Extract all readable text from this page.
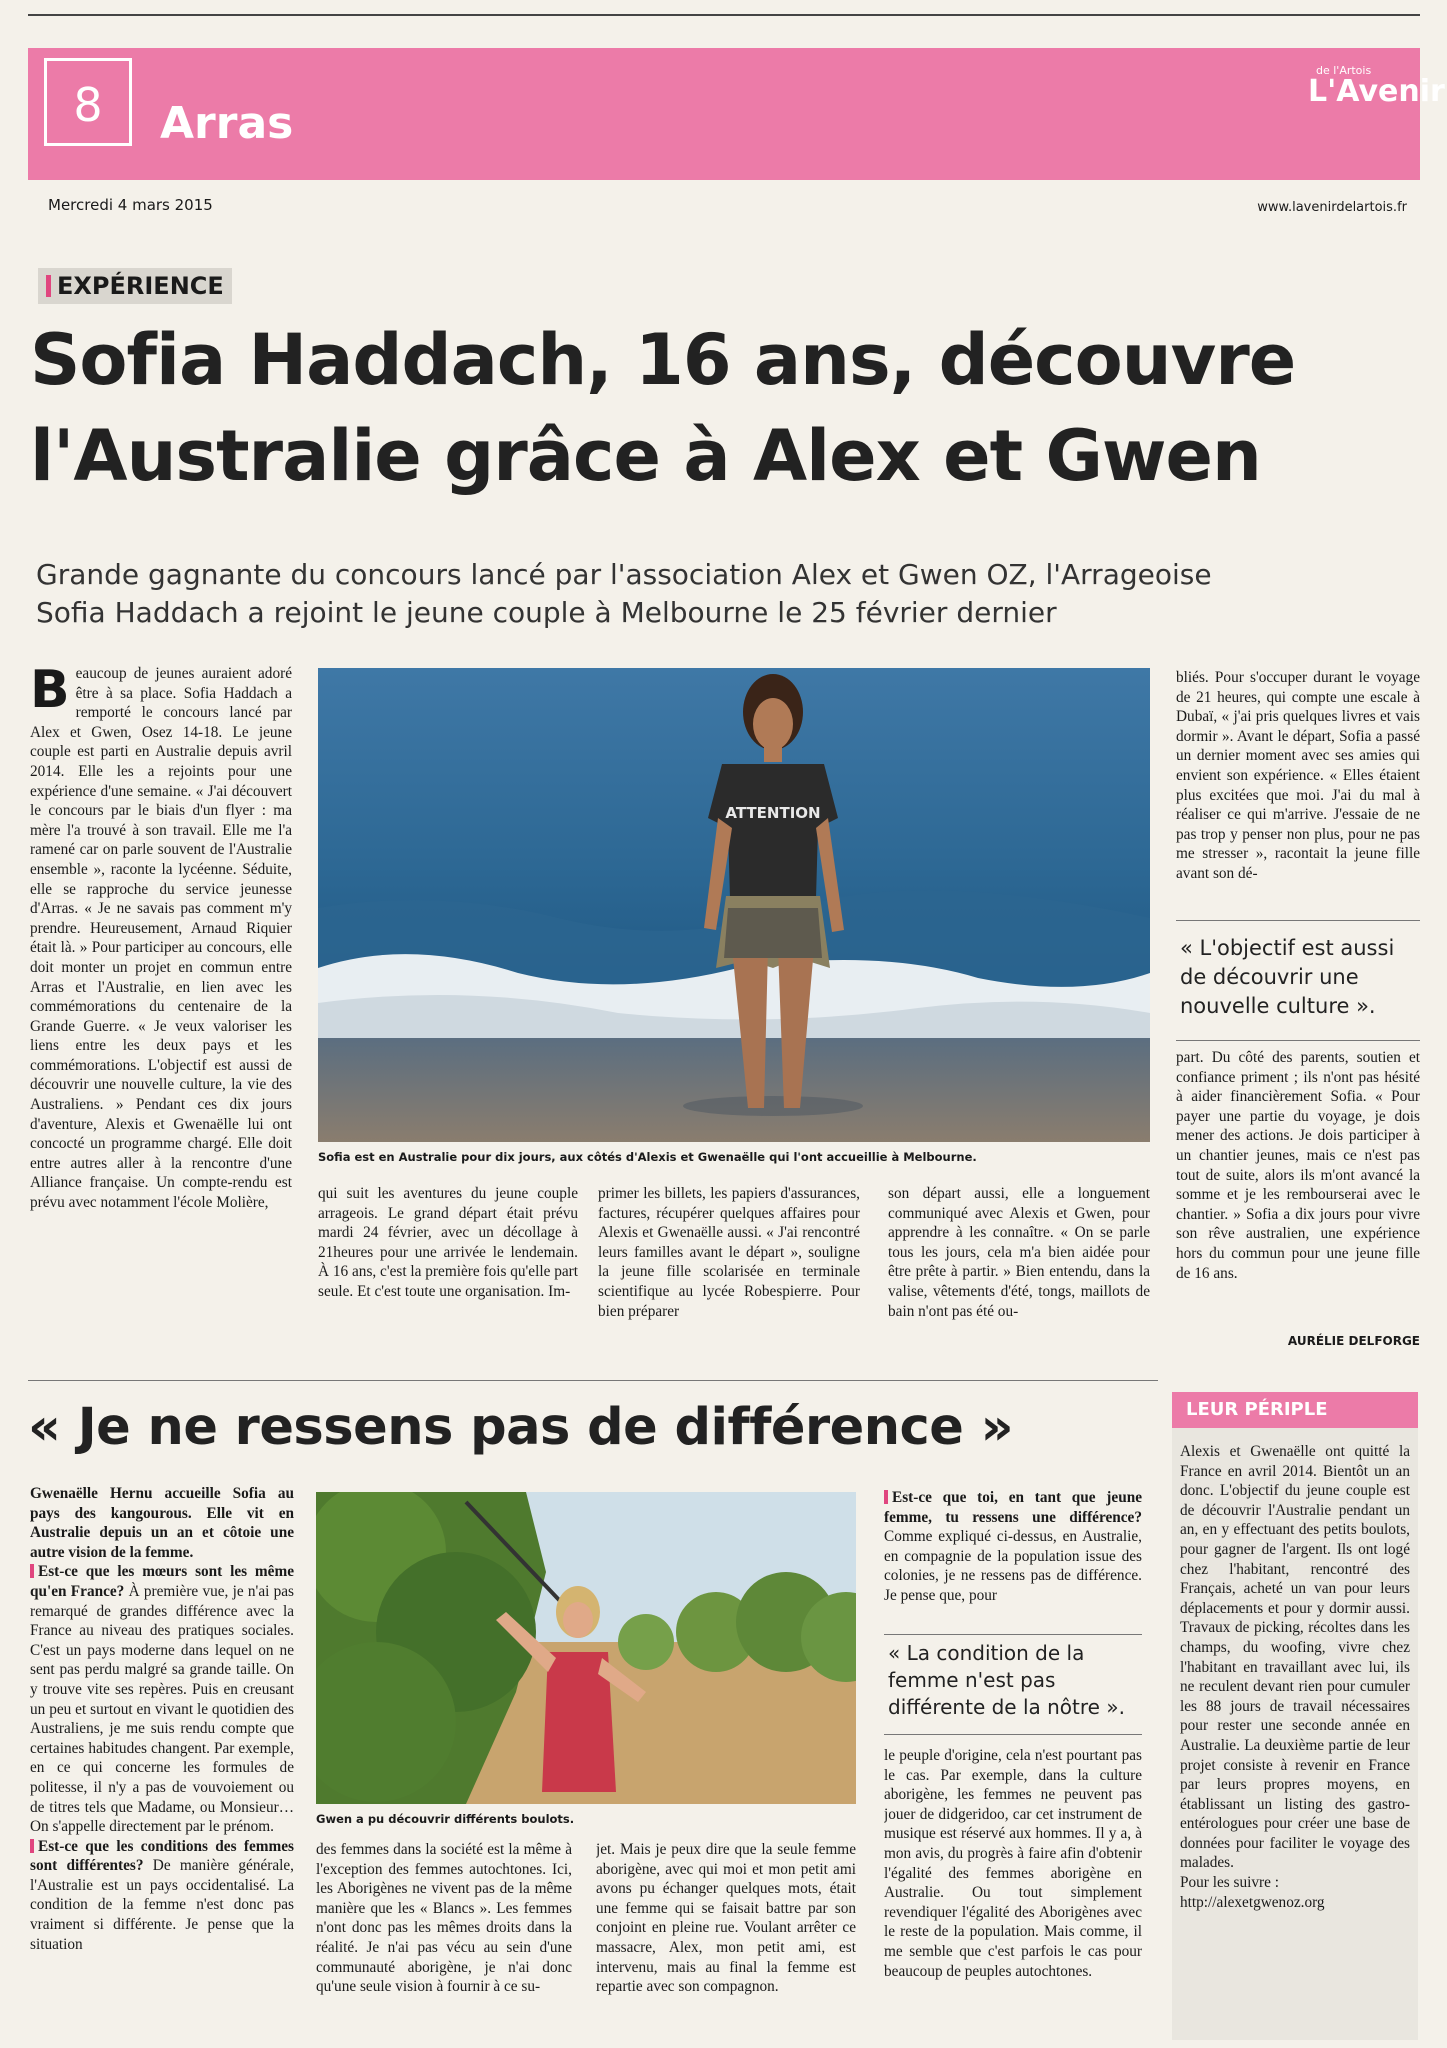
8	Arras
de l'Artois
L'Avenir
Mercredi 4 mars 2015	www.lavenirdelartois.fr
EXPÉRIENCE
Sofia Haddach, 16 ans, découvre
l'Australie grâce à Alex et Gwen
Grande gagnante du concours lancé par l'association Alex et Gwen OZ, l'Arrageoise
Sofia Haddach a rejoint le jeune couple à Melbourne le 25 février dernier

Beaucoup de jeunes auraient adoré être à sa place. Sofia Haddach a remporté le concours lancé par Alex et Gwen, Osez 14-18. Le jeune couple est parti en Australie depuis avril 2014. Elle les a rejoints pour une expérience d'une semaine. « J'ai découvert le concours par le biais d'un flyer : ma mère l'a trouvé à son travail. Elle me l'a ramené car on parle souvent de l'Australie ensemble », raconte la lycéenne. Séduite, elle se rapproche du service jeunesse d'Arras. « Je ne savais pas comment m'y prendre. Heureusement, Arnaud Riquier était là. » Pour participer au concours, elle doit monter un projet en commun entre Arras et l'Australie, en lien avec les commémorations du centenaire de la Grande Guerre. « Je veux valoriser les liens entre les deux pays et les commémorations. L'objectif est aussi de découvrir une nouvelle culture, la vie des Australiens. » Pendant ces dix jours d'aventure, Alexis et Gwenaëlle lui ont concocté un programme chargé. Elle doit entre autres aller à la rencontre d'une Alliance française. Un compte-rendu est prévu avec notamment l'école Molière,

ATTENTION
Sofia est en Australie pour dix jours, aux côtés d'Alexis et Gwenaëlle qui l'ont accueillie à Melbourne.

qui suit les aventures du jeune couple arrageois. Le grand départ était prévu mardi 24 février, avec un décollage à 21heures pour une arrivée le lendemain. À 16 ans, c'est la première fois qu'elle part seule. Et c'est toute une organisation. Im-

primer les billets, les papiers d'assurances, factures, récupérer quelques affaires pour Alexis et Gwenaëlle aussi. « J'ai rencontré leurs familles avant le départ », souligne la jeune fille scolarisée en terminale scientifique au lycée Robespierre. Pour bien préparer

son départ aussi, elle a longuement communiqué avec Alexis et Gwen, pour apprendre à les connaître. « On se parle tous les jours, cela m'a bien aidée pour être prête à partir. » Bien entendu, dans la valise, vêtements d'été, tongs, maillots de bain n'ont pas été ou-

bliés. Pour s'occuper durant le voyage de 21 heures, qui compte une escale à Dubaï, « j'ai pris quelques livres et vais dormir ». Avant le départ, Sofia a passé un dernier moment avec ses amies qui envient son expérience. « Elles étaient plus excitées que moi. J'ai du mal à réaliser ce qui m'arrive. J'essaie de ne pas trop y penser non plus, pour ne pas me stresser », racontait la jeune fille avant son dé-

« L'objectif est aussi de découvrir une nouvelle culture ».

part. Du côté des parents, soutien et confiance priment ; ils n'ont pas hésité à aider financièrement Sofia. « Pour payer une partie du voyage, je dois mener des actions. Je dois participer à un chantier jeunes, mais ce n'est pas tout de suite, alors ils m'ont avancé la somme et je les rembourserai avec le chantier. » Sofia a dix jours pour vivre son rêve australien, une expérience hors du commun pour une jeune fille de 16 ans.

AURÉLIE DELFORGE
« Je ne ressens pas de différence »

Gwenaëlle Hernu accueille Sofia au pays des kangourous. Elle vit en Australie depuis un an et côtoie une autre vision de la femme.

Est-ce que les mœurs sont les même qu'en France? À première vue, je n'ai pas remarqué de grandes différence avec la France au niveau des pratiques sociales. C'est un pays moderne dans lequel on ne sent pas perdu malgré sa grande taille. On y trouve vite ses repères. Puis en creusant un peu et surtout en vivant le quotidien des Australiens, je me suis rendu compte que certaines habitudes changent. Par exemple, en ce qui concerne les formules de politesse, il n'y a pas de vouvoiement ou de titres tels que Madame, ou Monsieur… On s'appelle directement par le prénom.

Est-ce que les conditions des femmes sont différentes? De manière générale, l'Australie est un pays occidentalisé. La condition de la femme n'est donc pas vraiment si différente. Je pense que la situation

Gwen a pu découvrir différents boulots.

des femmes dans la société est la même à l'exception des femmes autochtones. Ici, les Aborigènes ne vivent pas de la même manière que les « Blancs ». Les femmes n'ont donc pas les mêmes droits dans la réalité. Je n'ai pas vécu au sein d'une communauté aborigène, je n'ai donc qu'une seule vision à fournir à ce su-

jet. Mais je peux dire que la seule femme aborigène, avec qui moi et mon petit ami avons pu échanger quelques mots, était une femme qui se faisait battre par son conjoint en pleine rue. Voulant arrêter ce massacre, Alex, mon petit ami, est intervenu, mais au final la femme est repartie avec son compagnon.

Est-ce que toi, en tant que jeune femme, tu ressens une différence? Comme expliqué ci-dessus, en Australie, en compagnie de la population issue des colonies, je ne ressens pas de différence. Je pense que, pour

« La condition de la femme n'est pas différente de la nôtre ».

le peuple d'origine, cela n'est pourtant pas le cas. Par exemple, dans la culture aborigène, les femmes ne peuvent pas jouer de didgeridoo, car cet instrument de musique est réservé aux hommes. Il y a, à mon avis, du progrès à faire afin d'obtenir l'égalité des femmes aborigène en Australie. Ou tout simplement revendiquer l'égalité des Aborigènes avec le reste de la population. Mais comme, il me semble que c'est parfois le cas pour beaucoup de peuples autochtones.

LEUR PÉRIPLE

Alexis et Gwenaëlle ont quitté la France en avril 2014. Bientôt un an donc. L'objectif du jeune couple est de découvrir l'Australie pendant un an, en y effectuant des petits boulots, pour gagner de l'argent. Ils ont logé chez l'habitant, rencontré des Français, acheté un van pour leurs déplacements et pour y dormir aussi. Travaux de picking, récoltes dans les champs, du woofing, vivre chez l'habitant en travaillant avec lui, ils ne reculent devant rien pour cumuler les 88 jours de travail nécessaires pour rester une seconde année en Australie. La deuxième partie de leur projet consiste à revenir en France par leurs propres moyens, en établissant un listing des gastro-entérologues pour créer une base de données pour faciliter le voyage des malades.

Pour les suivre :

http://alexetgwenoz.org
